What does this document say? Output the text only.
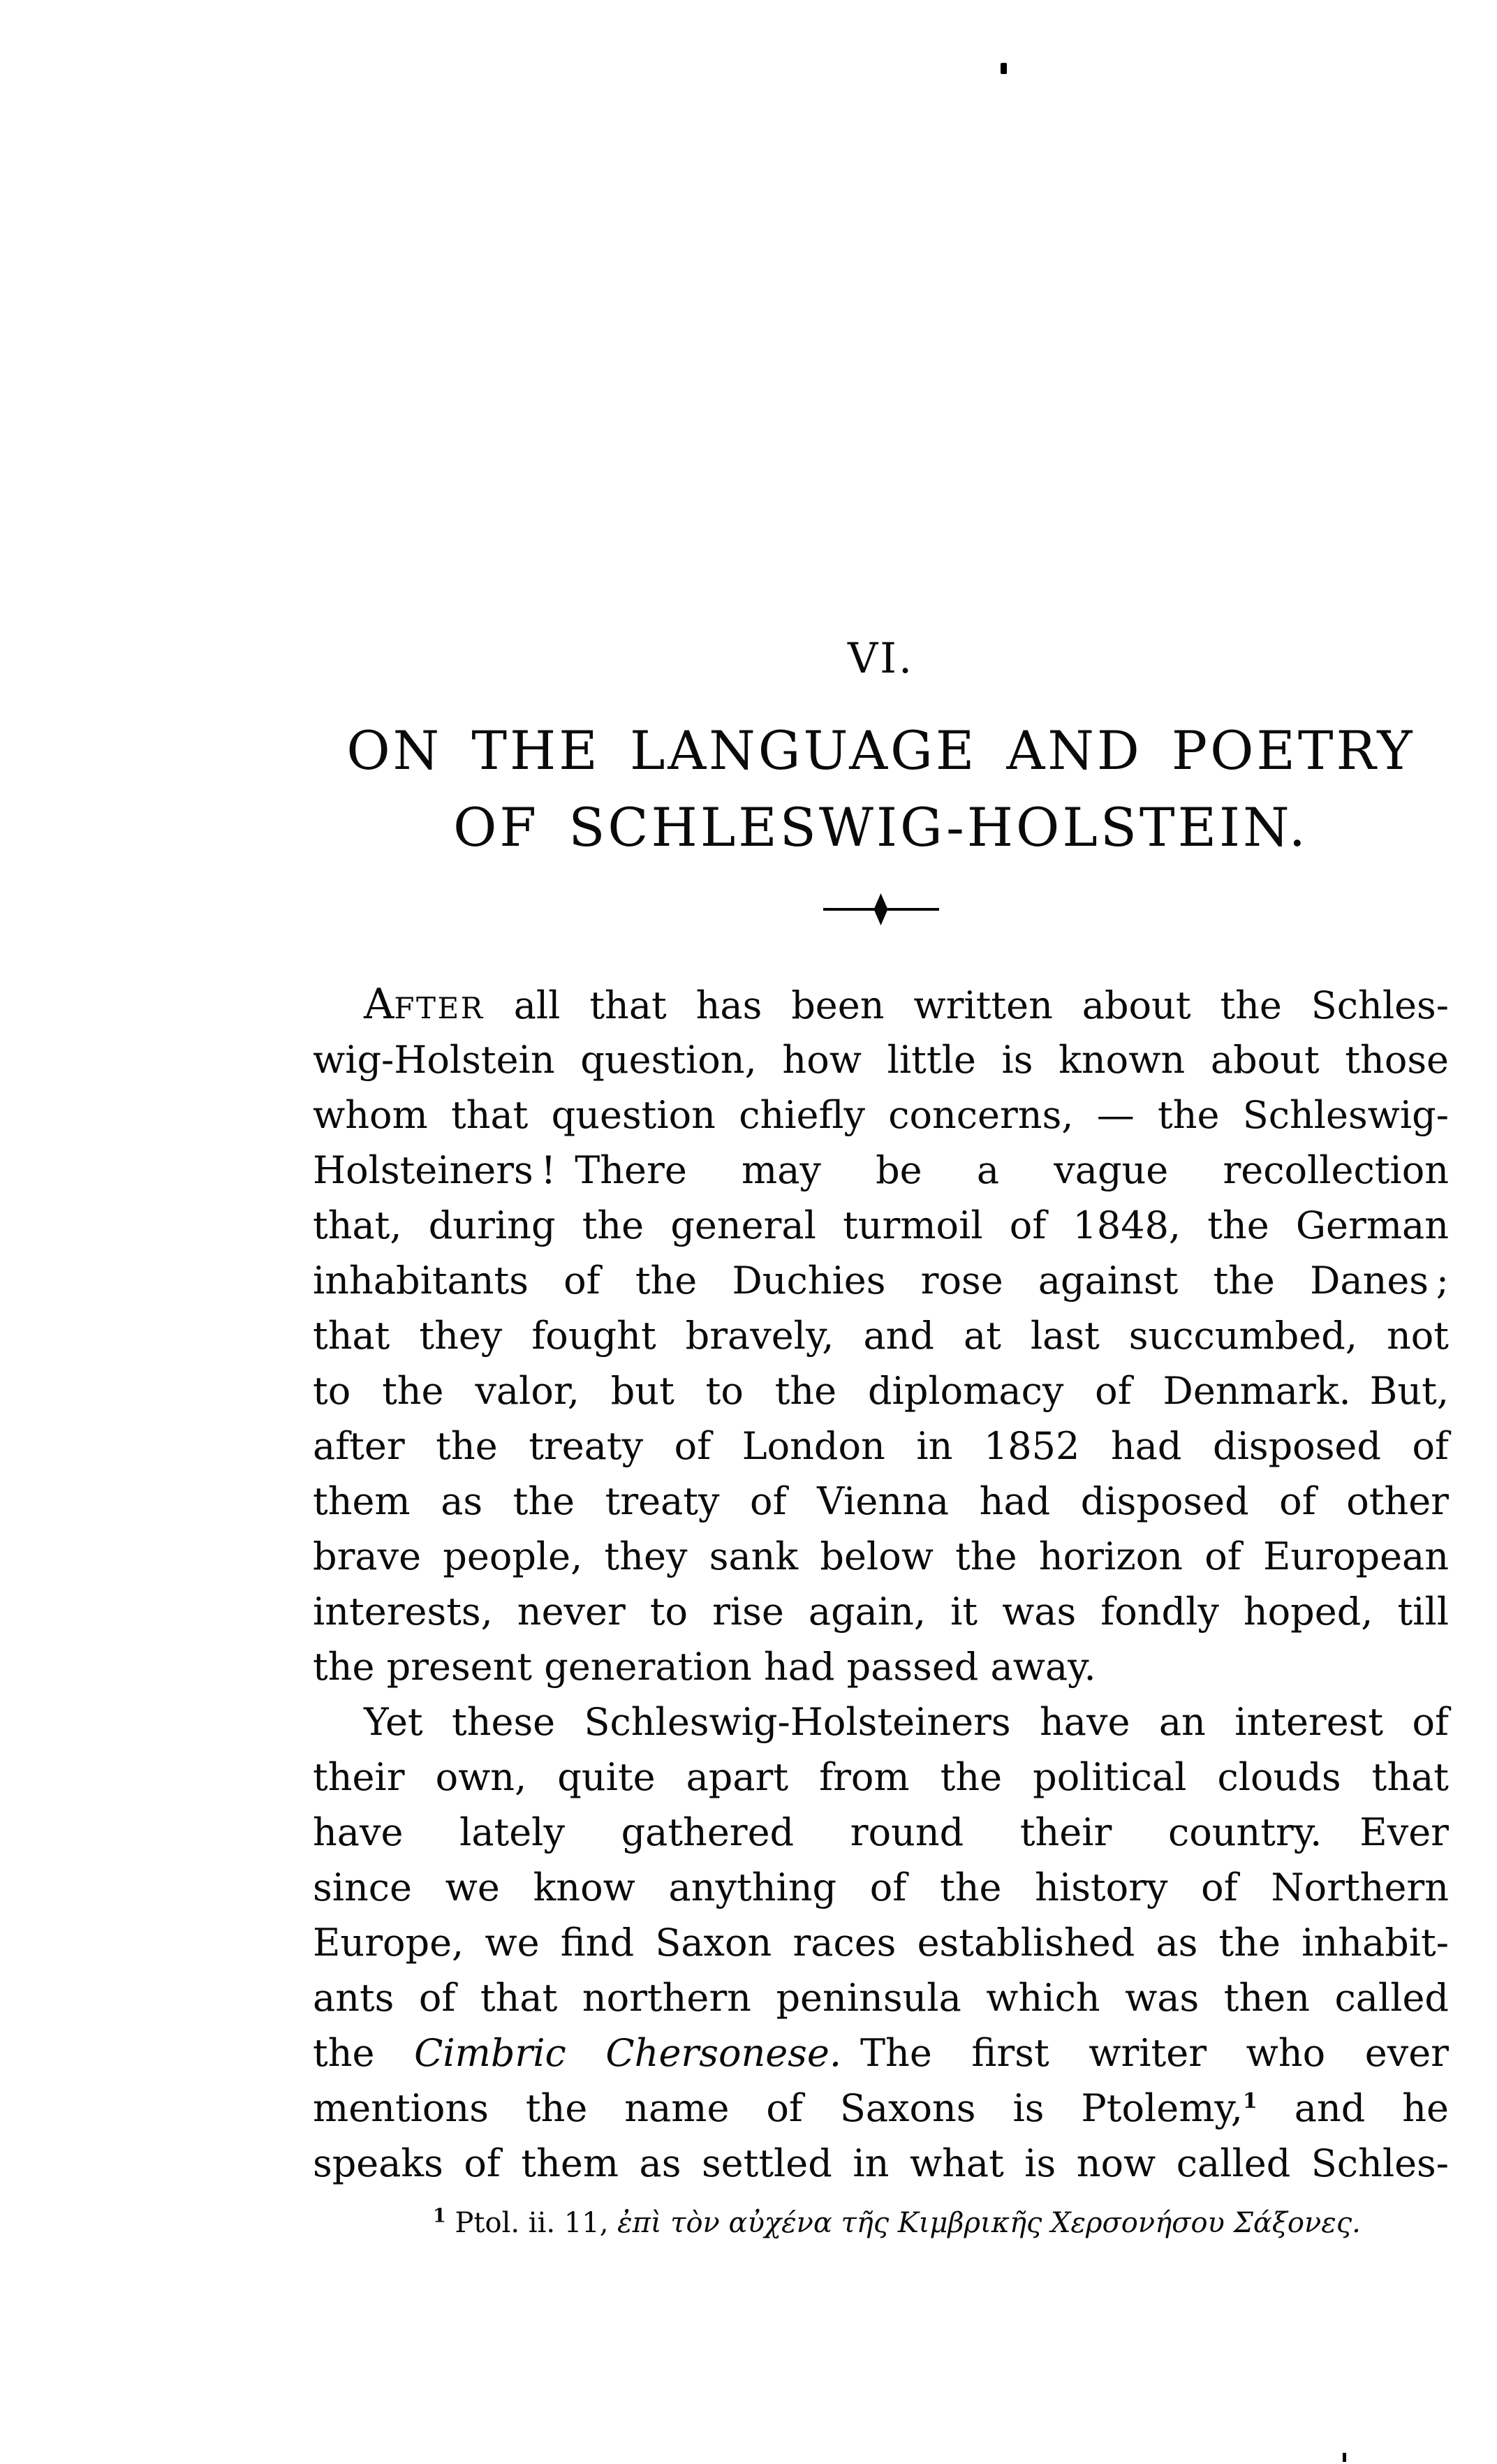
VI.
ON THE LANGUAGE AND POETRY
OF SCHLESWIG-HOLSTEIN.
AFTER all that has been written about the Schles-
wig-Holstein question, how little is known about those
whom that question chiefly concerns, — the Schleswig-
Holsteiners ! There may be a vague recollection
that, during the general turmoil of 1848, the German
inhabitants of the Duchies rose against the Danes ;
that they fought bravely, and at last succumbed, not
to the valor, but to the diplomacy of Denmark. But,
after the treaty of London in 1852 had disposed of
them as the treaty of Vienna had disposed of other
brave people, they sank below the horizon of European
interests, never to rise again, it was fondly hoped, till
the present generation had passed away.
Yet these Schleswig-Holsteiners have an interest of
their own, quite apart from the political clouds that
have lately gathered round their country.  Ever
since we know anything of the history of Northern
Europe, we find Saxon races established as the inhabit-
ants of that northern peninsula which was then called
the Cimbric Chersonese. The first writer who ever
mentions the name of Saxons is Ptolemy,$^1$ and he
speaks of them as settled in what is now called Schles-
$^1$ Ptol. ii. 11, ἐπὶ τὸν αὐχένα τῆς Κιμβρικῆς Χερσονήσου Σάξονες.
